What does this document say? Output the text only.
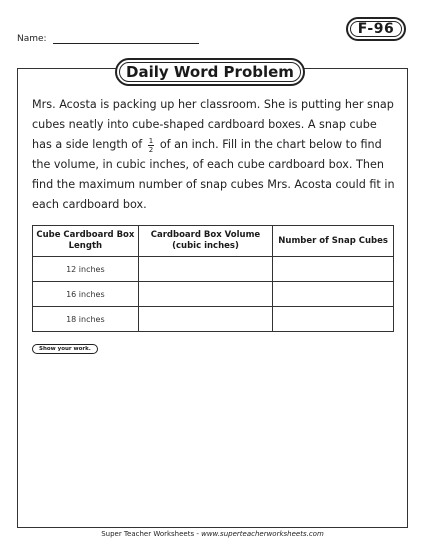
Name:
F-96
Daily Word Problem

Mrs. Acosta is packing up her classroom. She is putting her snap cubes neatly into cube-shaped cardboard boxes. A snap cube has a side length of $\frac{1}{2}$ of an inch. Fill in the chart below to find the volume, in cubic inches, of each cube cardboard box. Then find the maximum number of snap cubes Mrs. Acosta could fit in each cardboard box.

Cube Cardboard Box Length	Cardboard Box Volume (cubic inches)	Number of Snap Cubes
12 inches		
16 inches		
18 inches		
Show your work.
Super Teacher Worksheets - www.superteacherworksheets.com
